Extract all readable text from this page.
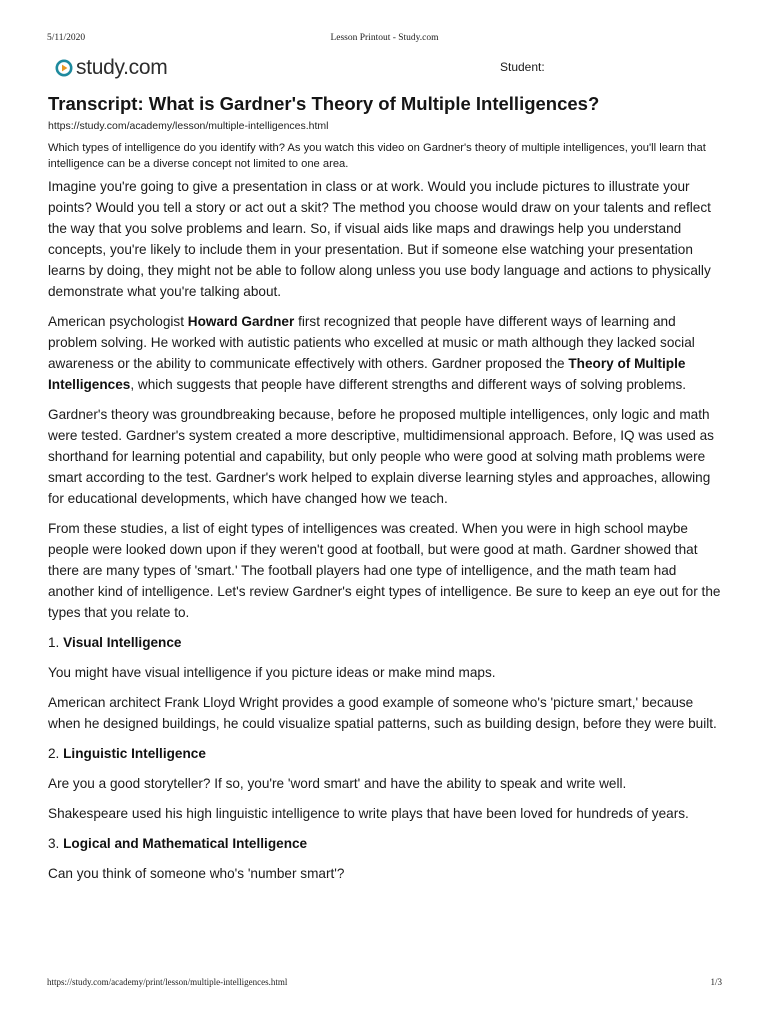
5/11/2020	Lesson Printout - Study.com
study.com	Student:
Transcript: What is Gardner's Theory of Multiple Intelligences?
https://study.com/academy/lesson/multiple-intelligences.html

Which types of intelligence do you identify with? As you watch this video on Gardner's theory of multiple intelligences, you'll learn that intelligence can be a diverse concept not limited to one area.

Imagine you're going to give a presentation in class or at work. Would you include pictures to illustrate your points? Would you tell a story or act out a skit? The method you choose would draw on your talents and reflect the way that you solve problems and learn. So, if visual aids like maps and drawings help you understand concepts, you're likely to include them in your presentation. But if someone else watching your presentation learns by doing, they might not be able to follow along unless you use body language and actions to physically demonstrate what you're talking about.

American psychologist Howard Gardner first recognized that people have different ways of learning and problem solving. He worked with autistic patients who excelled at music or math although they lacked social awareness or the ability to communicate effectively with others. Gardner proposed the Theory of Multiple Intelligences, which suggests that people have different strengths and different ways of solving problems.

Gardner's theory was groundbreaking because, before he proposed multiple intelligences, only logic and math were tested. Gardner's system created a more descriptive, multidimensional approach. Before, IQ was used as shorthand for learning potential and capability, but only people who were good at solving math problems were smart according to the test. Gardner's work helped to explain diverse learning styles and approaches, allowing for educational developments, which have changed how we teach.

From these studies, a list of eight types of intelligences was created. When you were in high school maybe people were looked down upon if they weren't good at football, but were good at math. Gardner showed that there are many types of 'smart.' The football players had one type of intelligence, and the math team had another kind of intelligence. Let's review Gardner's eight types of intelligence. Be sure to keep an eye out for the types that you relate to.

1. Visual Intelligence

You might have visual intelligence if you picture ideas or make mind maps.

American architect Frank Lloyd Wright provides a good example of someone who's 'picture smart,' because when he designed buildings, he could visualize spatial patterns, such as building design, before they were built.

2. Linguistic Intelligence

Are you a good storyteller? If so, you're 'word smart' and have the ability to speak and write well.

Shakespeare used his high linguistic intelligence to write plays that have been loved for hundreds of years.

3. Logical and Mathematical Intelligence

Can you think of someone who's 'number smart'?

https://study.com/academy/print/lesson/multiple-intelligences.html	1/3
